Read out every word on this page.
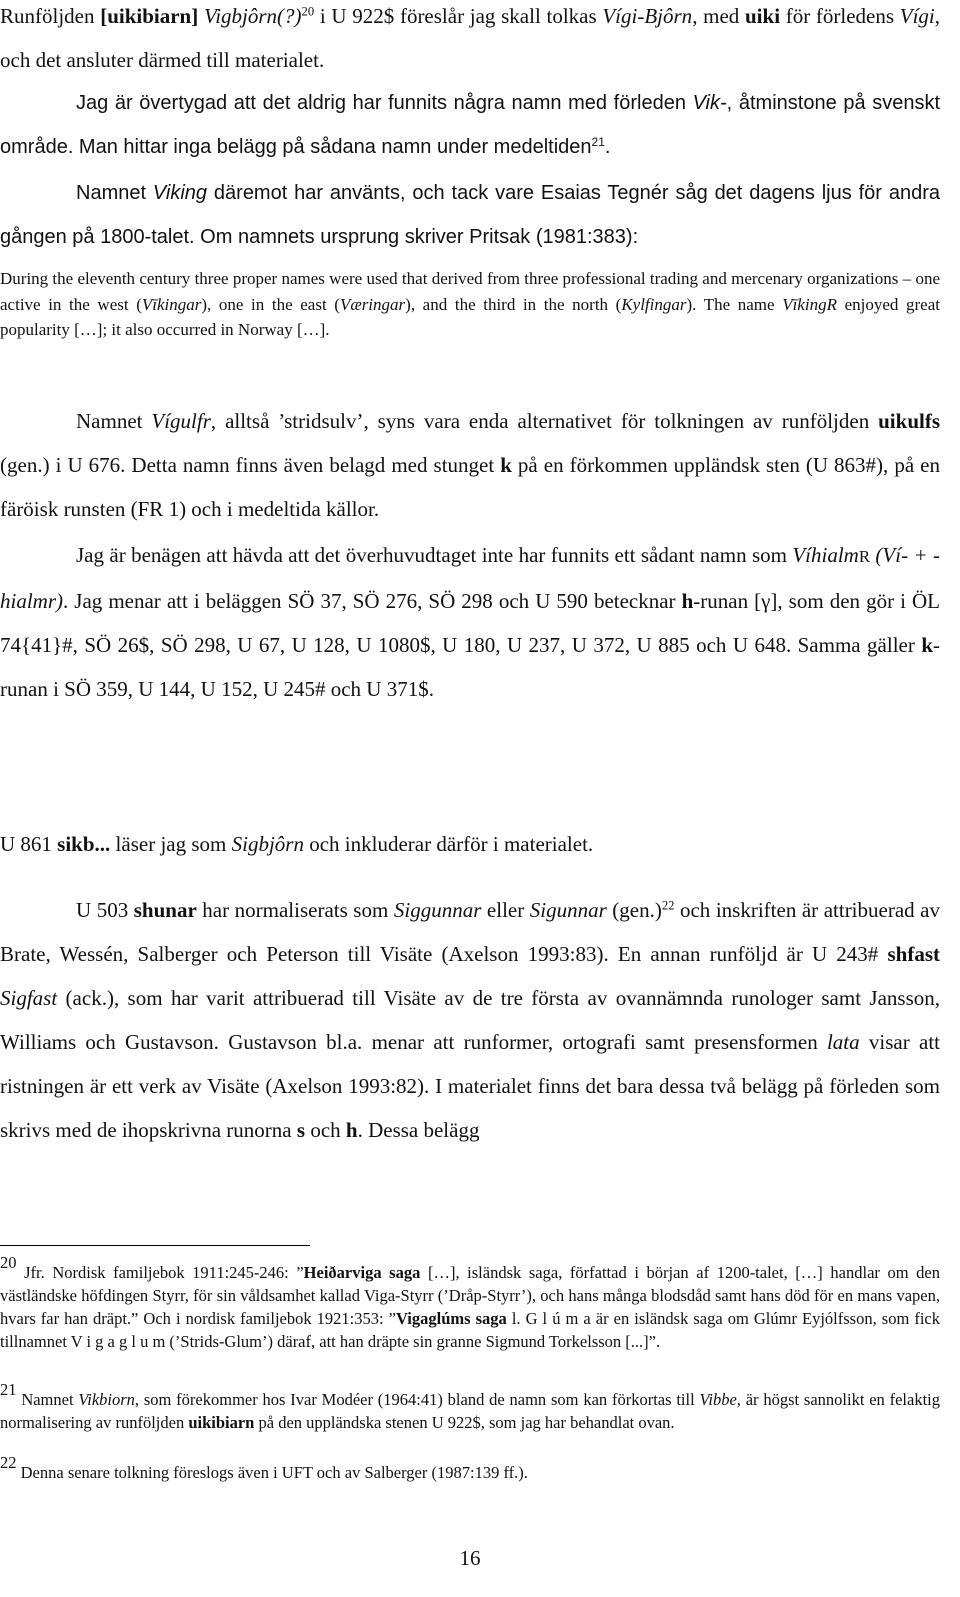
Runföljden [uikibiarn] Vigbjôrn(?)$^{20}$ i U 922$ föreslår jag skall tolkas Vígi-Bjôrn, med uiki för förledens Vígi, och det ansluter därmed till materialet.

Jag är övertygad att det aldrig har funnits några namn med förleden Vik-, åtminstone på svenskt område. Man hittar inga belägg på sådana namn under medeltiden$^{21}$.

Namnet Viking däremot har använts, och tack vare Esaias Tegnér såg det dagens ljus för andra gången på 1800-talet. Om namnets ursprung skriver Pritsak (1981:383):

During the eleventh century three proper names were used that derived from three professional trading and mercenary organizations – one active in the west (Vīkingar), one in the east (Væringar), and the third in the north (Kylfingar). The name VīkingR enjoyed great popularity […]; it also occurred in Norway […].

Namnet Vígulfr, alltså ’stridsulv’, syns vara enda alternativet för tolkningen av runföljden uikulfs (gen.) i U 676. Detta namn finns även belagd med stunget k på en förkommen uppländsk sten (U 863#), på en färöisk runsten (FR 1) och i medeltida källor.

Jag är benägen att hävda att det överhuvudtaget inte har funnits ett sådant namn som VíhialmR (Ví- + -hialmr). Jag menar att i beläggen SÖ 37, SÖ 276, SÖ 298 och U 590 betecknar h-runan [γ], som den gör i ÖL 74{41}#, SÖ 26$, SÖ 298, U 67, U 128, U 1080$, U 180, U 237, U 372, U 885 och U 648. Samma gäller k-runan i SÖ 359, U 144, U 152, U 245# och U 371$.

U 861 sikb... läser jag som Sigbjôrn och inkluderar därför i materialet.

U 503 shunar har normaliserats som Siggunnar eller Sigunnar $(gen.)^{22}$ och inskriften är attribuerad av Brate, Wessén, Salberger och Peterson till Visäte (Axelson 1993:83). En annan runföljd är U 243# shfast Sigfast (ack.), som har varit attribuerad till Visäte av de tre första av ovannämnda runologer samt Jansson, Williams och Gustavson. Gustavson bl.a. menar att runformer, ortografi samt presensformen lata visar att ristningen är ett verk av Visäte (Axelson 1993:82). I materialet finns det bara dessa två belägg på förleden som skrivs med de ihopskrivna runorna s och h. Dessa belägg

$^{20}$ Jfr. Nordisk familjebok 1911:245-246: ”Heiðarviga saga […], isländsk saga, författad i början af 1200-talet, […] handlar om den västländske höfdingen Styrr, för sin våldsamhet kallad Viga-Styrr (’Dråp-Styrr’), och hans många blodsdåd samt hans död för en mans vapen, hvars far han dräpt.” Och i nordisk familjebok 1921:353: ”Vigaglúms saga l. G l ú m a är en isländsk saga om Glúmr Eyjólfsson, som fick tillnamnet V i g a g l u m (’Strids-Glum’) däraf, att han dräpte sin granne Sigmund Torkelsson [...]”.

$^{21}$ Namnet Vikbiorn, som förekommer hos Ivar Modéer (1964:41) bland de namn som kan förkortas till Vibbe, är högst sannolikt en felaktig normalisering av runföljden uikibiarn på den uppländska stenen U 922$, som jag har behandlat ovan.

$^{22}$ Denna senare tolkning föreslogs även i UFT och av Salberger (1987:139 ff.).

16
